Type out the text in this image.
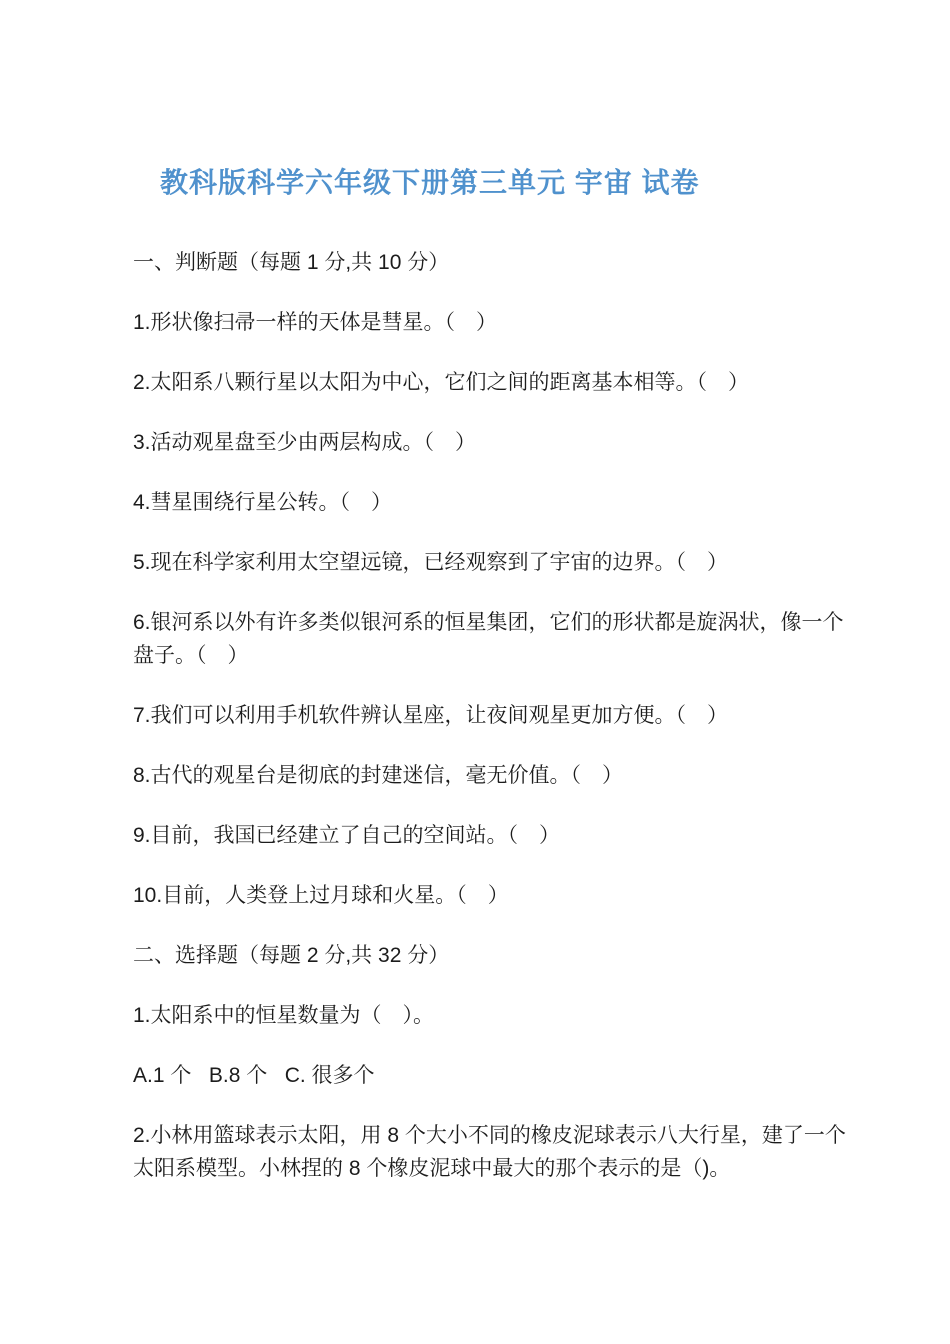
教科版科学六年级下册第三单元 宇宙 试卷

一、判断题（每题 1 分,共 10 分）

1.形状像扫帚一样的天体是彗星。（　）

2.太阳系八颗行星以太阳为中心，它们之间的距离基本相等。（　）

3.活动观星盘至少由两层构成。（　）

4.彗星围绕行星公转。（　）

5.现在科学家利用太空望远镜，已经观察到了宇宙的边界。（　）

6.银河系以外有许多类似银河系的恒星集团，它们的形状都是旋涡状，像一个盘子。（　）

7.我们可以利用手机软件辨认星座，让夜间观星更加方便。（　）

8.古代的观星台是彻底的封建迷信，毫无价值。（　）

9.目前，我国已经建立了自己的空间站。（　）

10.目前，人类登上过月球和火星。（　）

二、选择题（每题 2 分,共 32 分）

1.太阳系中的恒星数量为（　）。

A.1 个   B.8 个   C. 很多个

2.小林用篮球表示太阳，用 8 个大小不同的橡皮泥球表示八大行星，建了一个太阳系模型。小林捏的 8 个橡皮泥球中最大的那个表示的是（)。
